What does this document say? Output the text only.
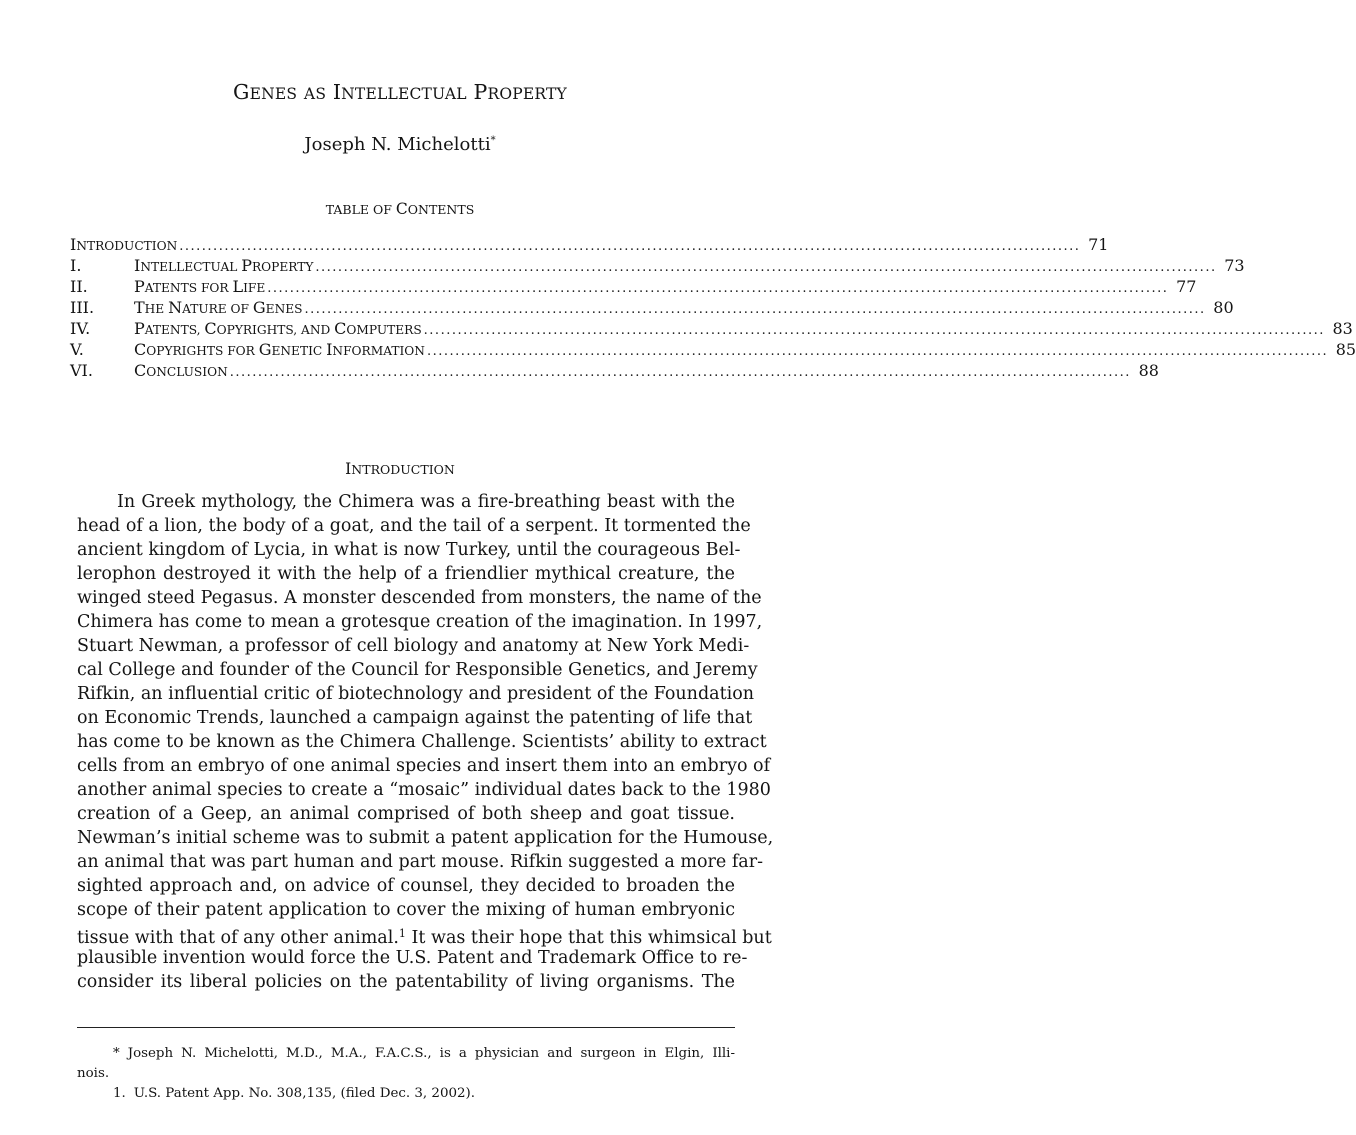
GENES AS INTELLECTUAL PROPERTY
Joseph N. Michelotti*
TABLE OF CONTENTS
INTRODUCTION .....	71
I.	INTELLECTUAL PROPERTY .....	73
II.	PATENTS FOR LIFE .....	77
III.	THE NATURE OF GENES .....	80
IV.	PATENTS, COPYRIGHTS, AND COMPUTERS .....	83
V.	COPYRIGHTS FOR GENETIC INFORMATION .....	85
VI.	CONCLUSION .....	88
INTRODUCTION
In Greek mythology, the Chimera was a fire-breathing beast with the
head of a lion, the body of a goat, and the tail of a serpent. It tormented the
ancient kingdom of Lycia, in what is now Turkey, until the courageous Bel-
lerophon destroyed it with the help of a friendlier mythical creature, the
winged steed Pegasus. A monster descended from monsters, the name of the
Chimera has come to mean a grotesque creation of the imagination. In 1997,
Stuart Newman, a professor of cell biology and anatomy at New York Medi-
cal College and founder of the Council for Responsible Genetics, and Jeremy
Rifkin, an influential critic of biotechnology and president of the Foundation
on Economic Trends, launched a campaign against the patenting of life that
has come to be known as the Chimera Challenge. Scientists’ ability to extract
cells from an embryo of one animal species and insert them into an embryo of
another animal species to create a “mosaic” individual dates back to the 1980
creation of a Geep, an animal comprised of both sheep and goat tissue.
Newman’s initial scheme was to submit a patent application for the Humouse,
an animal that was part human and part mouse. Rifkin suggested a more far-
sighted approach and, on advice of counsel, they decided to broaden the
scope of their patent application to cover the mixing of human embryonic
tissue with that of any other animal.$^1$ It was their hope that this whimsical but
plausible invention would force the U.S. Patent and Trademark Office to re-
consider its liberal policies on the patentability of living organisms. The
* Joseph N. Michelotti, M.D., M.A., F.A.C.S., is a physician and surgeon in Elgin, Illi-
nois.
1. U.S. Patent App. No. 308,135, (filed Dec. 3, 2002).
